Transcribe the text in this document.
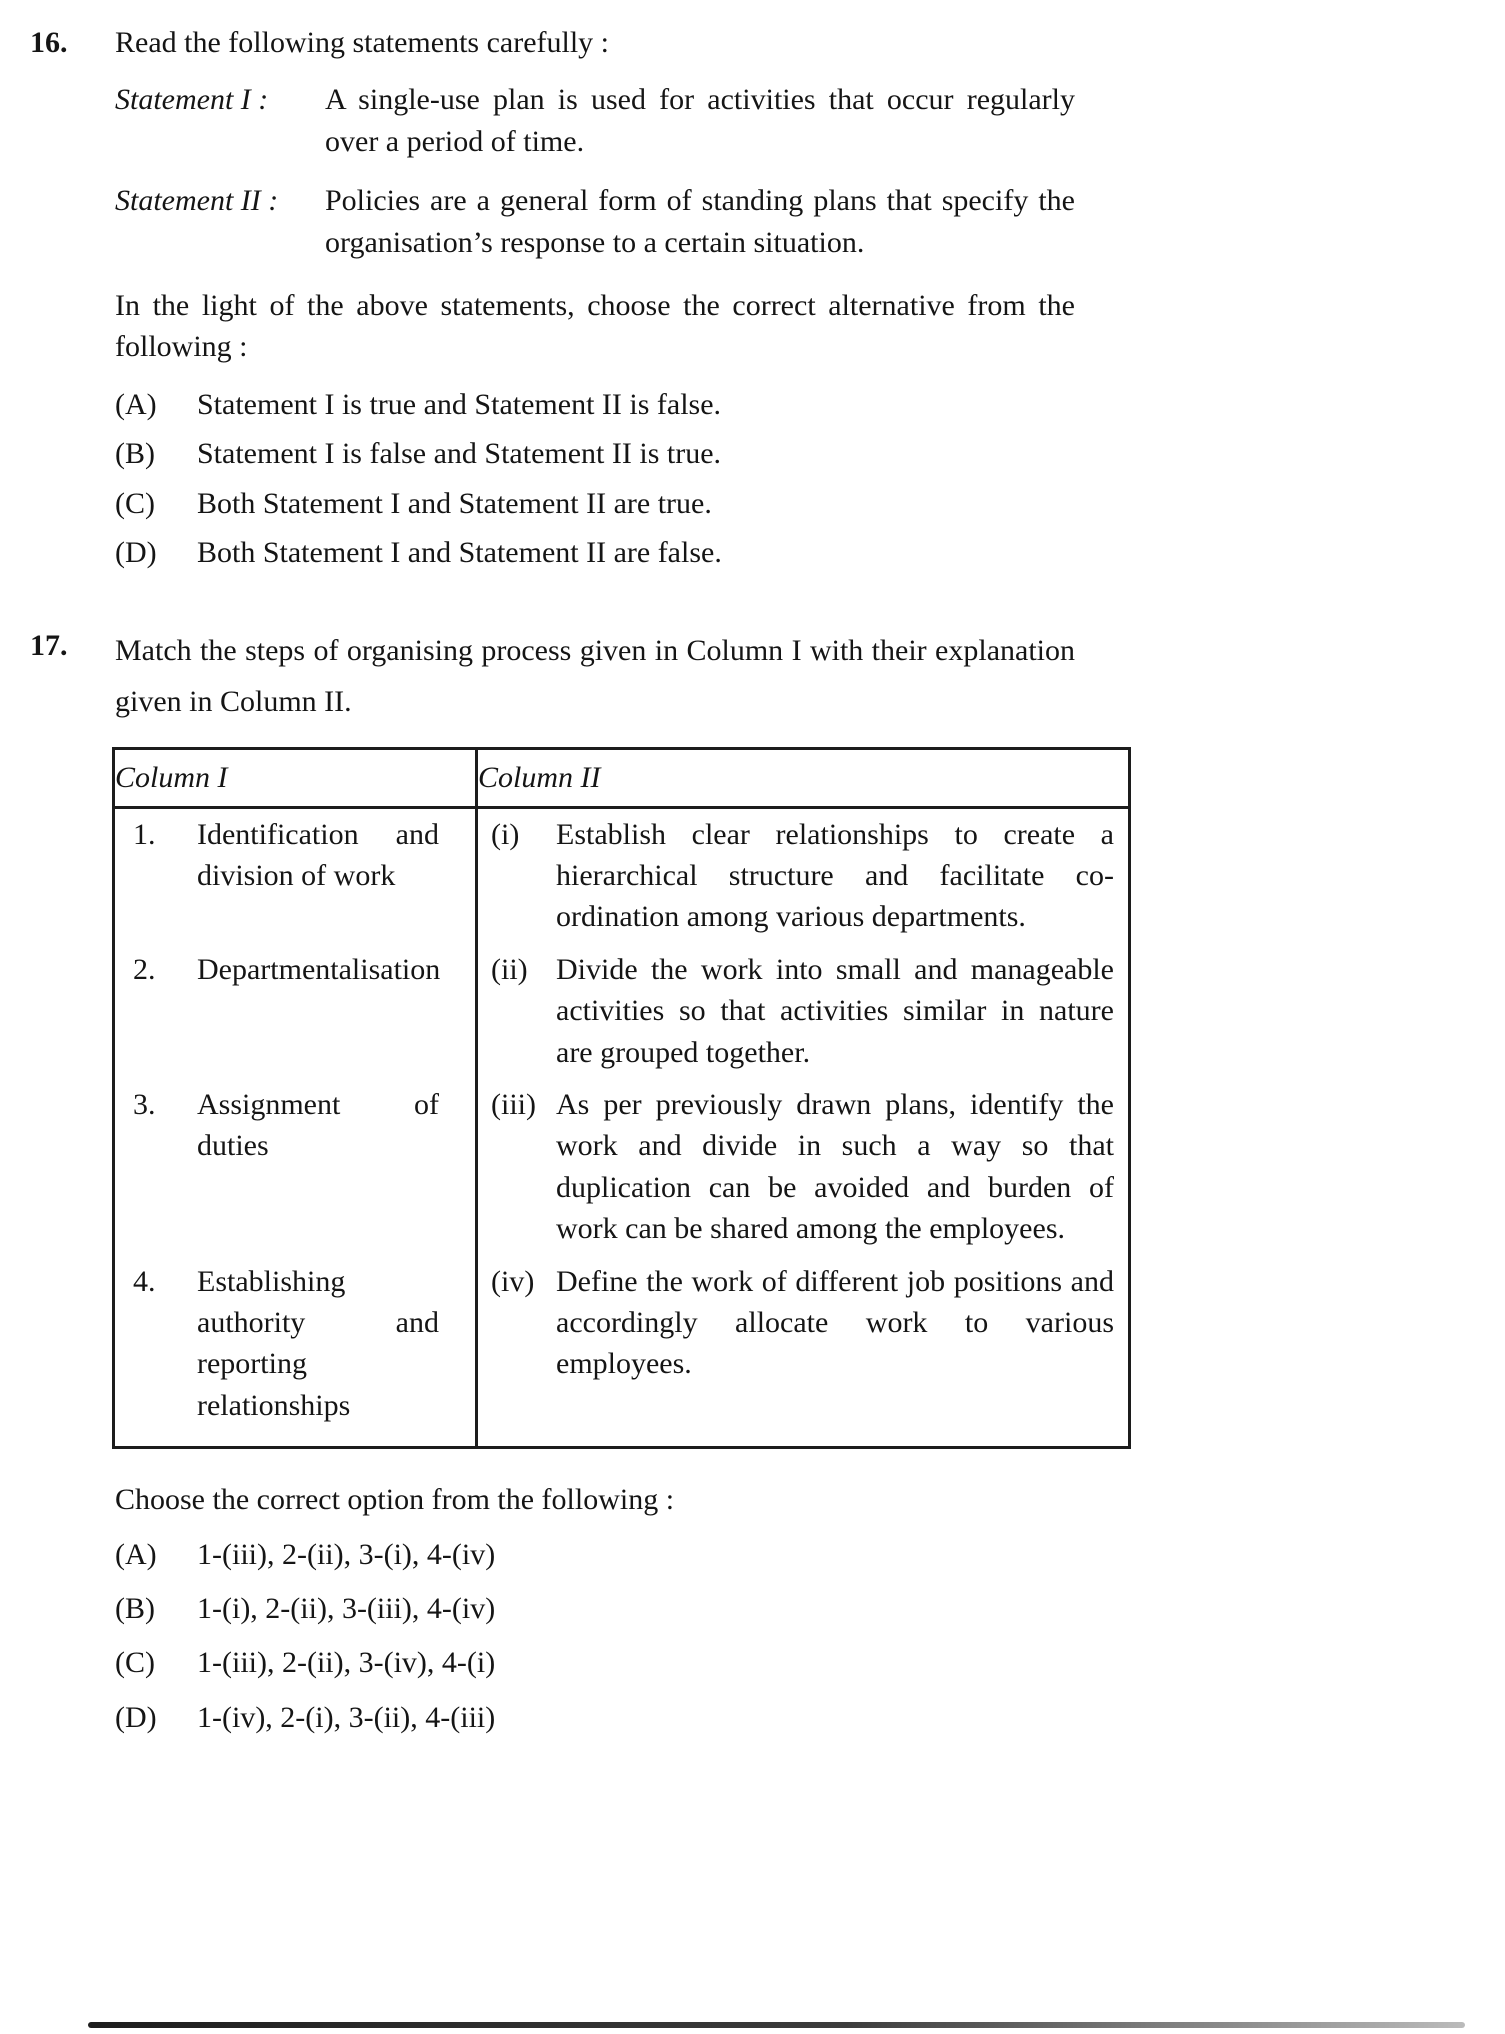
16.	Read the following statements carefully :

Statement I :	A single-use plan is used for activities that occur regularly over a period of time.
Statement II :	Policies are a general form of standing plans that specify the organisation’s response to a certain situation.

In the light of the above statements, choose the correct alternative from the following :

(A)	Statement I is true and Statement II is false.
(B)	Statement I is false and Statement II is true.
(C)	Both Statement I and Statement II are true.
(D)	Both Statement I and Statement II are false.
17.	Match the steps of organising process given in Column I with their explanation given in Column II.

Column I	Column II

1. Identification and division of work	(i) Establish clear relationships to create a hierarchical structure and facilitate co-ordination among various departments.

2. Departmentalisation	(ii) Divide the work into small and manageable activities so that activities similar in nature are grouped together.

3. Assignment of duties	(iii) As per previously drawn plans, identify the work and divide in such a way so that duplication can be avoided and burden of work can be shared among the employees.

4. Establishing authority and reporting relationships	(iv) Define the work of different job positions and accordingly allocate work to various employees.

Choose the correct option from the following :

(A)	1-(iii), 2-(ii), 3-(i), 4-(iv)
(B)	1-(i), 2-(ii), 3-(iii), 4-(iv)
(C)	1-(iii), 2-(ii), 3-(iv), 4-(i)
(D)	1-(iv), 2-(i), 3-(ii), 4-(iii)
